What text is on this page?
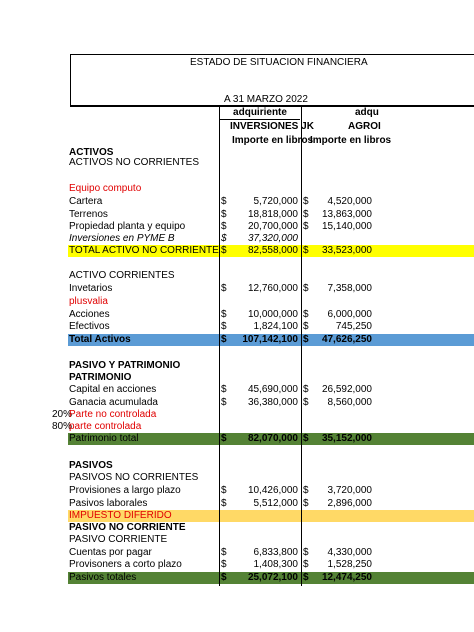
ESTADO DE SITUACION FINANCIERA
A 31 MARZO 2022
adquiriente	adqu
INVERSIONES JK	AGROI
Importe en libros
Importe en libros
ACTIVOS
ACTIVOS NO CORRIENTES
Equipo computo
Cartera	$	5,720,000 $	4,520,000
Terrenos	$	18,818,000 $	13,863,000
Propiedad planta y equipo	$	20,700,000 $	15,140,000
Inversiones en PYME B	$	37,320,000
TOTAL ACTIVO NO CORRIENTE $	82,558,000 $	33,523,000
ACTIVO CORRIENTES
Invetarios	$	12,760,000 $	7,358,000
plusvalia
Acciones	$	10,000,000 $	6,000,000
Efectivos	$	1,824,100 $	745,250
Total Activos	$	107,142,100 $	47,626,250
PASIVO Y PATRIMONIO
PATRIMONIO
Capital en acciones	$	45,690,000 $	26,592,000
Ganacia acumulada	$	36,380,000 $	8,560,000
20%
Parte no controlada
80%
parte controlada
Patrimonio total	$	82,070,000 $	35,152,000
PASIVOS
PASIVOS NO CORRIENTES
Provisiones a largo plazo	$	10,426,000 $	3,720,000
Pasivos laborales	$	5,512,000 $	2,896,000
IMPUESTO DIFERIDO
PASIVO NO CORRIENTE
PASIVO CORRIENTE
Cuentas por pagar	$	6,833,800 $	4,330,000
Provisoners a corto plazo	$	1,408,300 $	1,528,250
Pasivos totales	$	25,072,100 $	12,474,250
